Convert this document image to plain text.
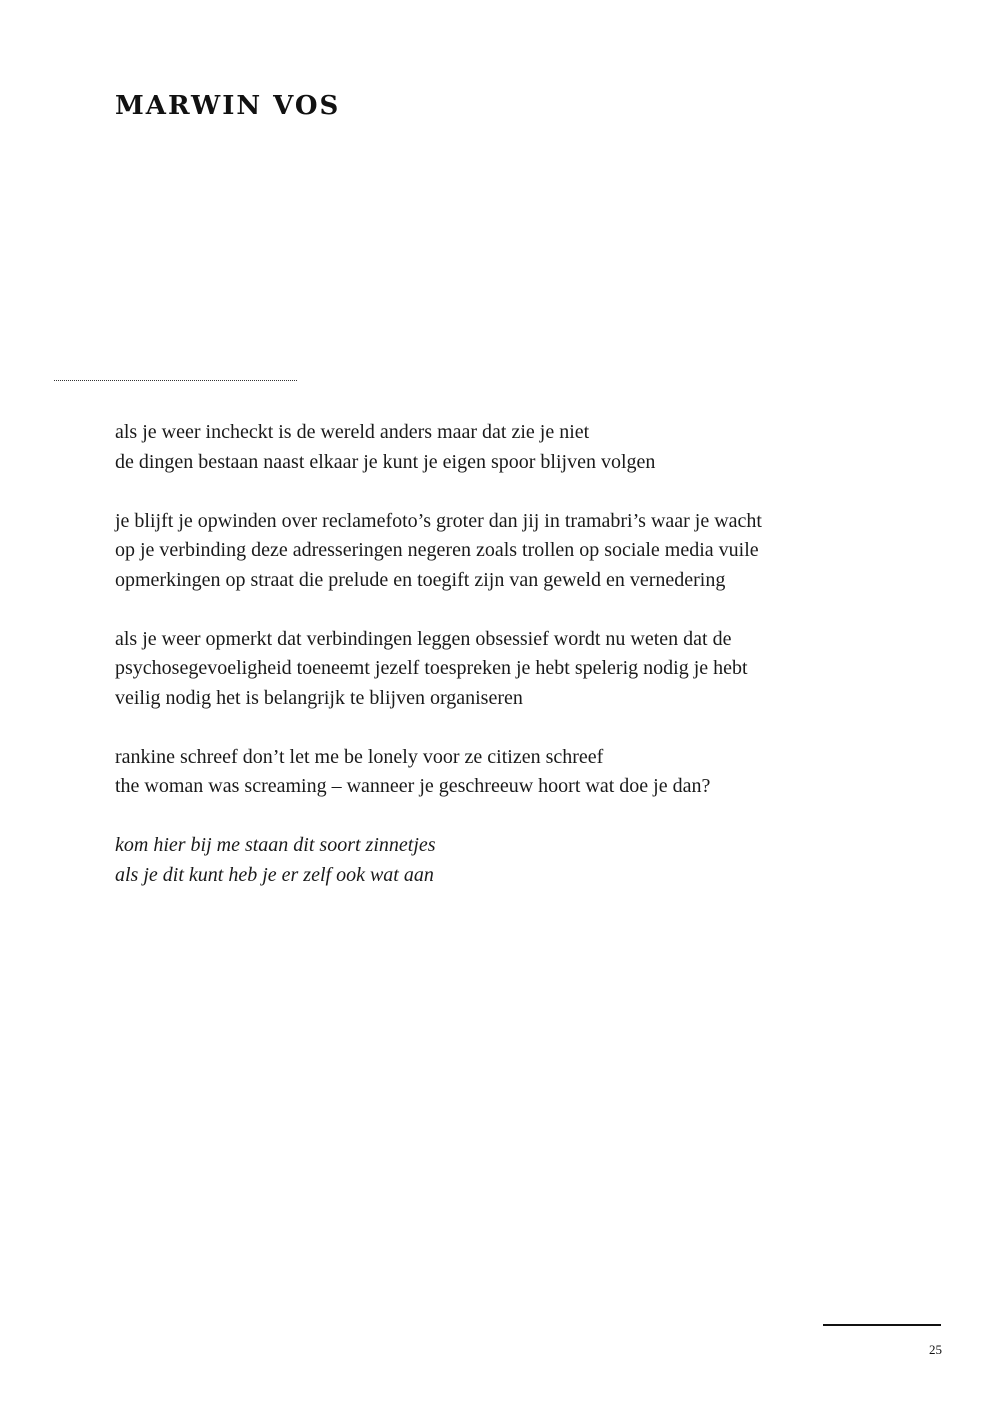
MARWIN VOS

als je weer incheckt is de wereld anders maar dat zie je niet
de dingen bestaan naast elkaar je kunt je eigen spoor blijven volgen

je blijft je opwinden over reclamefoto’s groter dan jij in tramabri’s waar je wacht
op je verbinding deze adresseringen negeren zoals trollen op sociale media vuile
opmerkingen op straat die prelude en toegift zijn van geweld en vernedering

als je weer opmerkt dat verbindingen leggen obsessief wordt nu weten dat de
psychosegevoeligheid toeneemt jezelf toespreken je hebt spelerig nodig je hebt
veilig nodig het is belangrijk te blijven organiseren

rankine schreef don’t let me be lonely voor ze citizen schreef
the woman was screaming – wanneer je geschreeuw hoort wat doe je dan?

kom hier bij me staan dit soort zinnetjes
als je dit kunt heb je er zelf ook wat aan

25
